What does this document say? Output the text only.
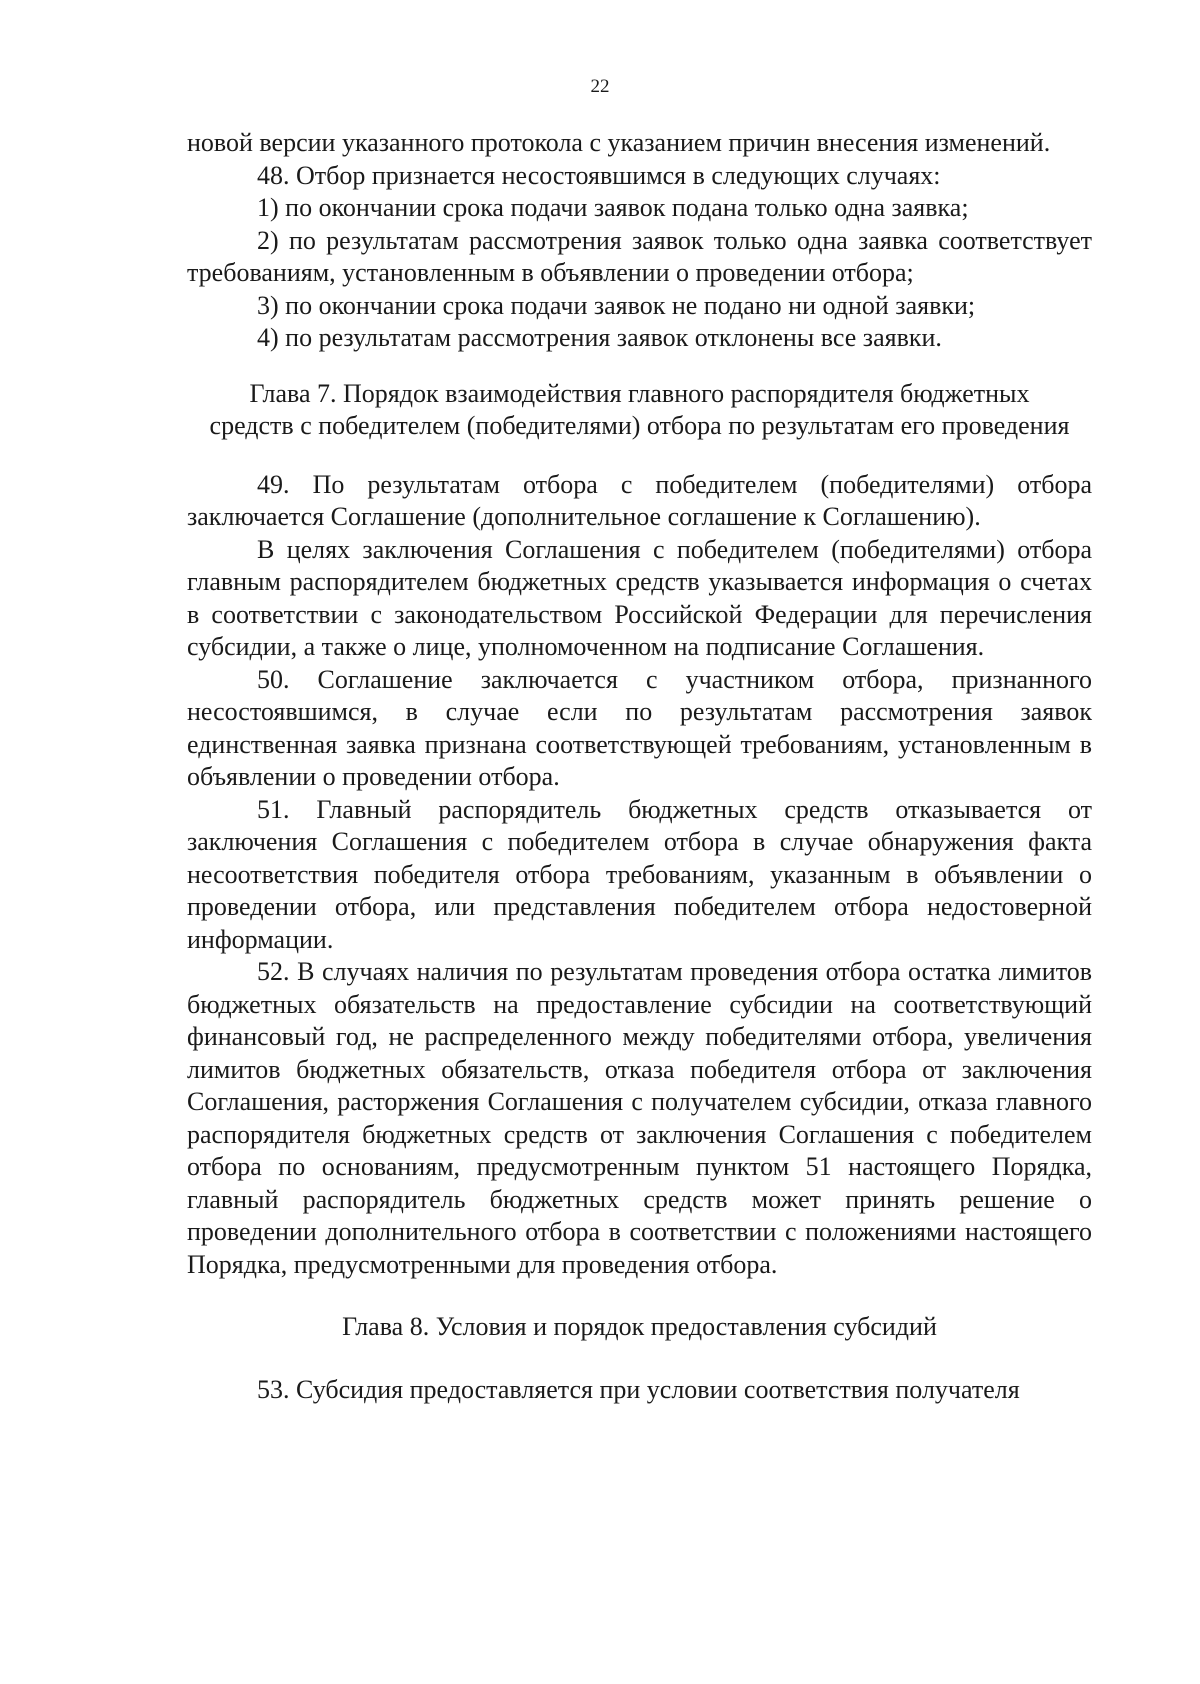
22

новой версии указанного протокола с указанием причин внесения изменений.

48. Отбор признается несостоявшимся в следующих случаях:

1) по окончании срока подачи заявок подана только одна заявка;

2) по результатам рассмотрения заявок только одна заявка соответствует требованиям, установленным в объявлении о проведении отбора;

3) по окончании срока подачи заявок не подано ни одной заявки;

4) по результатам рассмотрения заявок отклонены все заявки.

Глава 7. Порядок взаимодействия главного распорядителя бюджетных средств с победителем (победителями) отбора по результатам его проведения

49. По результатам отбора с победителем (победителями) отбора заключается Соглашение (дополнительное соглашение к Соглашению).

В целях заключения Соглашения с победителем (победителями) отбора главным распорядителем бюджетных средств указывается информация о счетах в соответствии с законодательством Российской Федерации для перечисления субсидии, а также о лице, уполномоченном на подписание Соглашения.

50. Соглашение заключается с участником отбора, признанного несостоявшимся, в случае если по результатам рассмотрения заявок единственная заявка признана соответствующей требованиям, установленным в объявлении о проведении отбора.

51. Главный распорядитель бюджетных средств отказывается от заключения Соглашения с победителем отбора в случае обнаружения факта несоответствия победителя отбора требованиям, указанным в объявлении о проведении отбора, или представления победителем отбора недостоверной информации.

52. В случаях наличия по результатам проведения отбора остатка лимитов бюджетных обязательств на предоставление субсидии на соответствующий финансовый год, не распределенного между победителями отбора, увеличения лимитов бюджетных обязательств, отказа победителя отбора от заключения Соглашения, расторжения Соглашения с получателем субсидии, отказа главного распорядителя бюджетных средств от заключения Соглашения с победителем отбора по основаниям, предусмотренным пунктом 51 настоящего Порядка, главный распорядитель бюджетных средств может принять решение о проведении дополнительного отбора в соответствии с положениями настоящего Порядка, предусмотренными для проведения отбора.

Глава 8. Условия и порядок предоставления субсидий

53. Субсидия предоставляется при условии соответствия получателя
